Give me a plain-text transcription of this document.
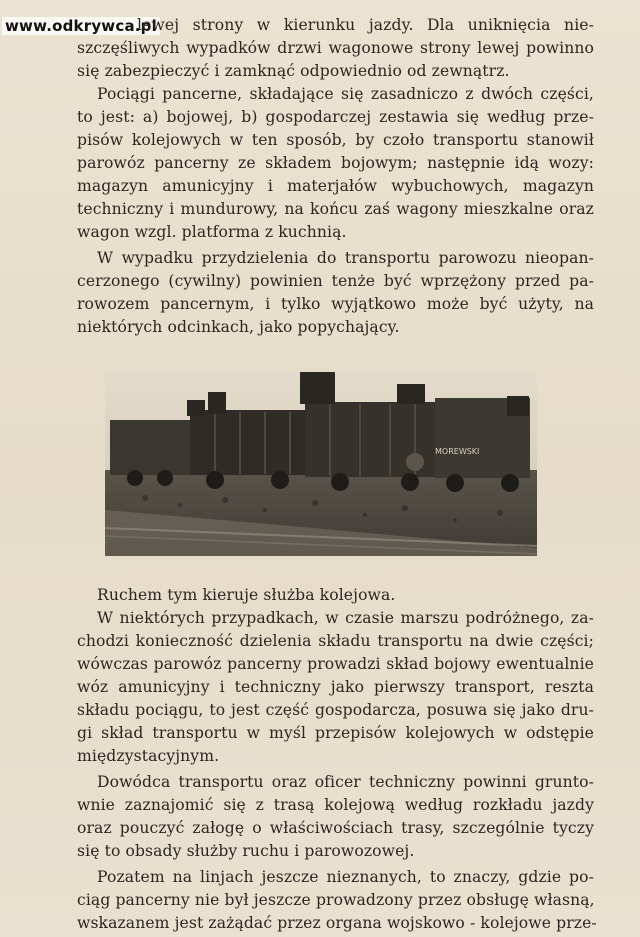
www.odkrywca.pl
lewej strony w kierunku jazdy. Dla uniknięcia nie-
szczęśliwych wypadków drzwi wagonowe strony lewej powinno
się zabezpieczyć i zamknąć odpowiednio od zewnątrz.
Pociągi pancerne, składające się zasadniczo z dwóch części,
to jest: a) bojowej, b) gospodarczej zestawia się według prze-
pisów kolejowych w ten sposób, by czoło transportu stanowił
parowóz pancerny ze składem bojowym; następnie idą wozy:
magazyn amunicyjny i materjałów wybuchowych, magazyn
techniczny i mundurowy, na końcu zaś wagony mieszkalne oraz
wagon wzgl. platforma z kuchnią.
W wypadku przydzielenia do transportu parowozu nieopan-
cerzonego (cywilny) powinien tenże być wprzężony przed pa-
rowozem pancernym, i tylko wyjątkowo może być użyty, na
niektórych odcinkach, jako popychający.
MOREWSKI
Ruchem tym kieruje służba kolejowa.
W niektórych przypadkach, w czasie marszu podróżnego, za-
chodzi konieczność dzielenia składu transportu na dwie części;
wówczas parowóz pancerny prowadzi skład bojowy ewentualnie
wóz amunicyjny i techniczny jako pierwszy transport, reszta
składu pociągu, to jest część gospodarcza, posuwa się jako dru-
gi skład transportu w myśl przepisów kolejowych w odstępie
międzystacyjnym.
Dowódca transportu oraz oficer techniczny powinni grunto-
wnie zaznajomić się z trasą kolejową według rozkładu jazdy
oraz pouczyć załogę o właściwościach trasy, szczególnie tyczy
się to obsady służby ruchu i parowozowej.
Pozatem na linjach jeszcze nieznanych, to znaczy, gdzie po-
ciąg pancerny nie był jeszcze prowadzony przez obsługę własną,
wskazanem jest zażądać przez organa wojskowo - kolejowe prze-
